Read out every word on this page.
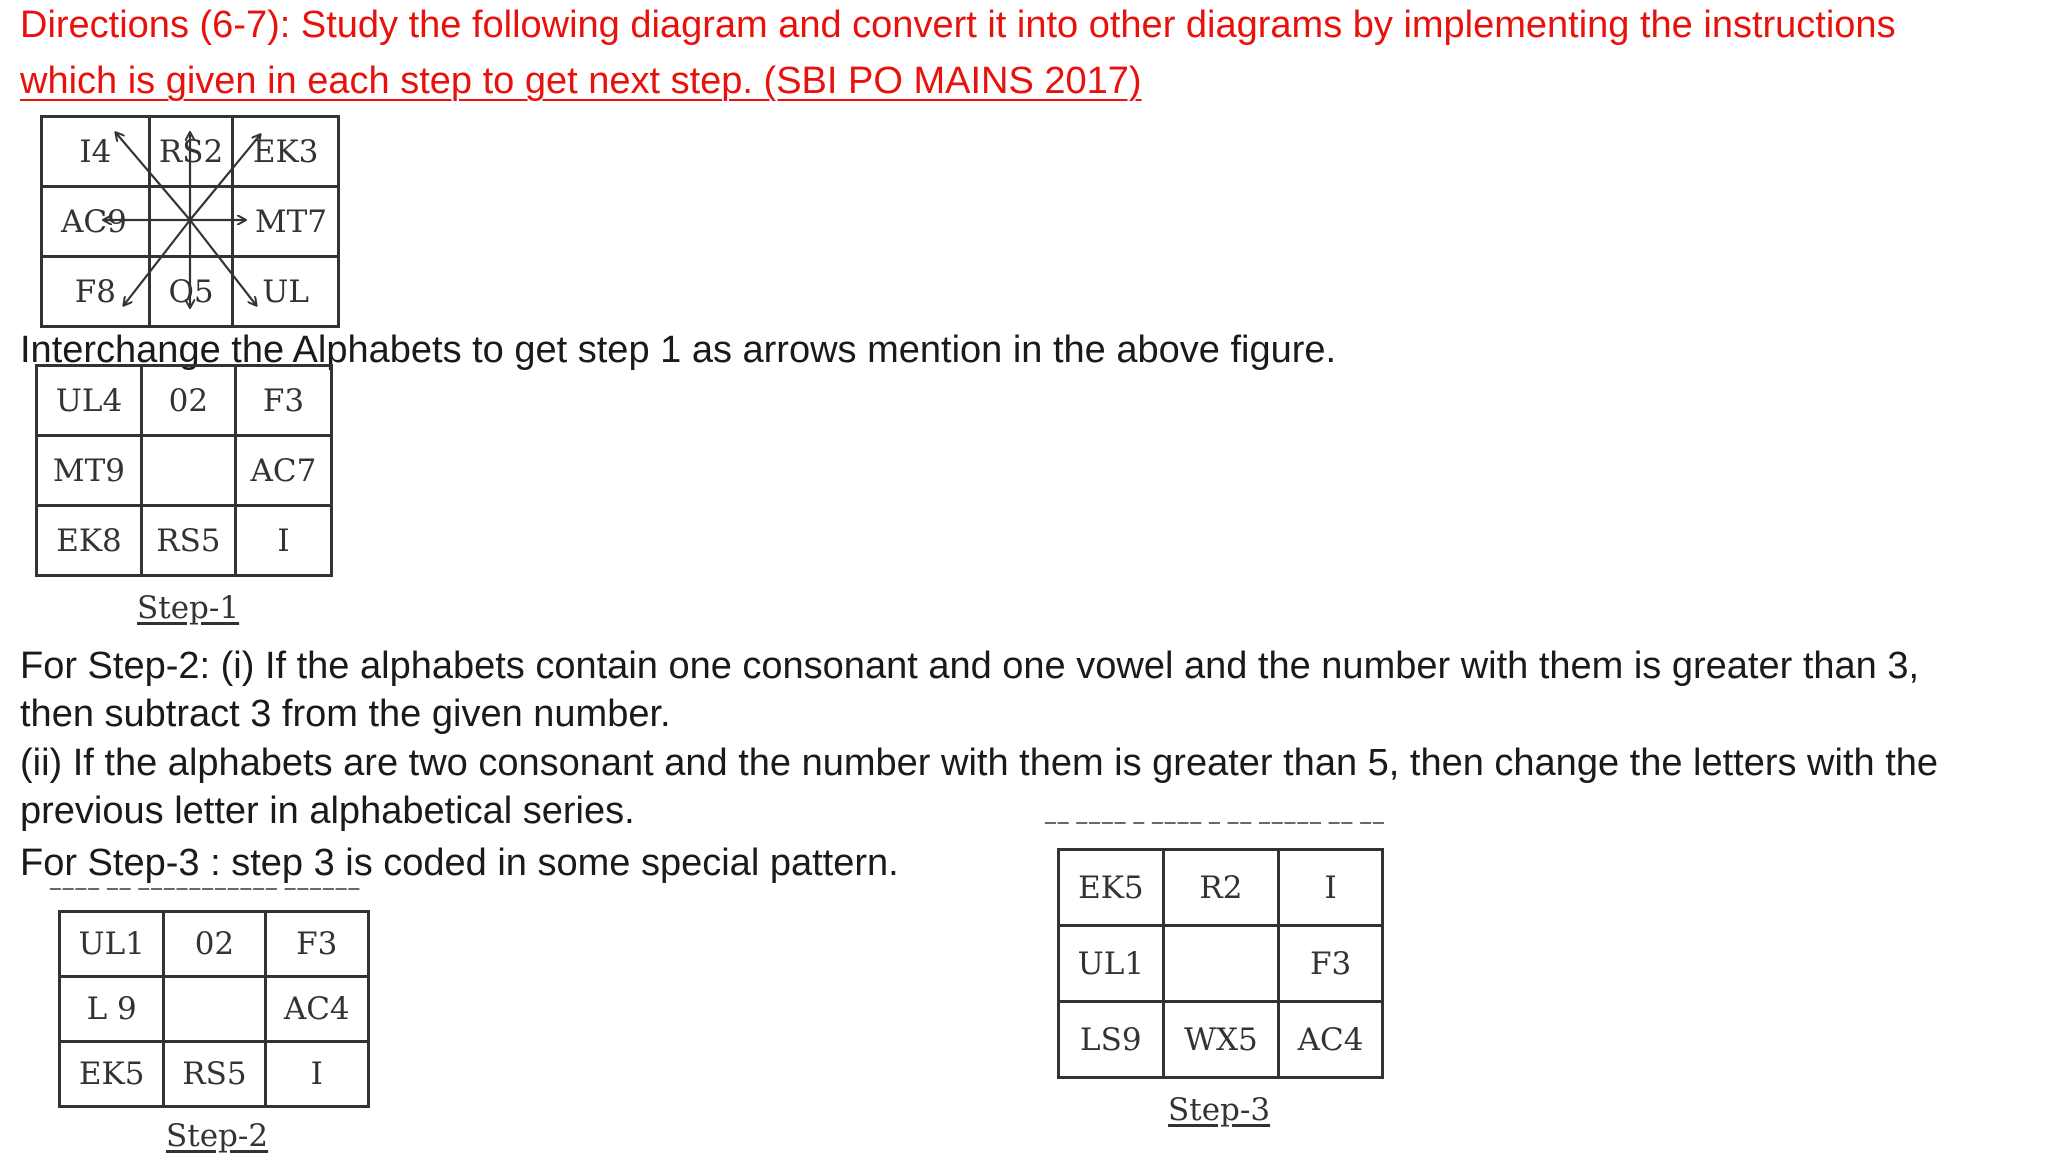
Directions (6-7): Study the following diagram and convert it into other diagrams by implementing the instructions
which is given in each step to get next step. (SBI PO MAINS 2017)
I4	RS2	EK3
AC9		MT7
F8	O5	UL
Interchange the Alphabets to get step 1 as arrows mention in the above figure.
UL4	02	F3
MT9		AC7
EK8	RS5	I
Step-1
For Step-2: (i) If the alphabets contain one consonant and one vowel and the number with them is greater than 3,
then subtract 3 from the given number.
(ii) If the alphabets are two consonant and the number with them is greater than 5, then change the letters with the
previous letter in alphabetical series.
For Step-3 : step 3 is coded in some special pattern.
▔▔ ▔▔▔▔ ▔ ▔▔▔▔ ▔ ▔▔ ▔▔▔▔▔ ▔▔ ▔▔
▔▔▔▔ ▔▔ ▔▔▔▔▔▔▔▔▔▔▔ ▔▔▔▔▔▔
UL1	02	F3
L 9		AC4
EK5	RS5	I
Step-2
EK5	R2	I
UL1		F3
LS9	WX5	AC4
Step-3
